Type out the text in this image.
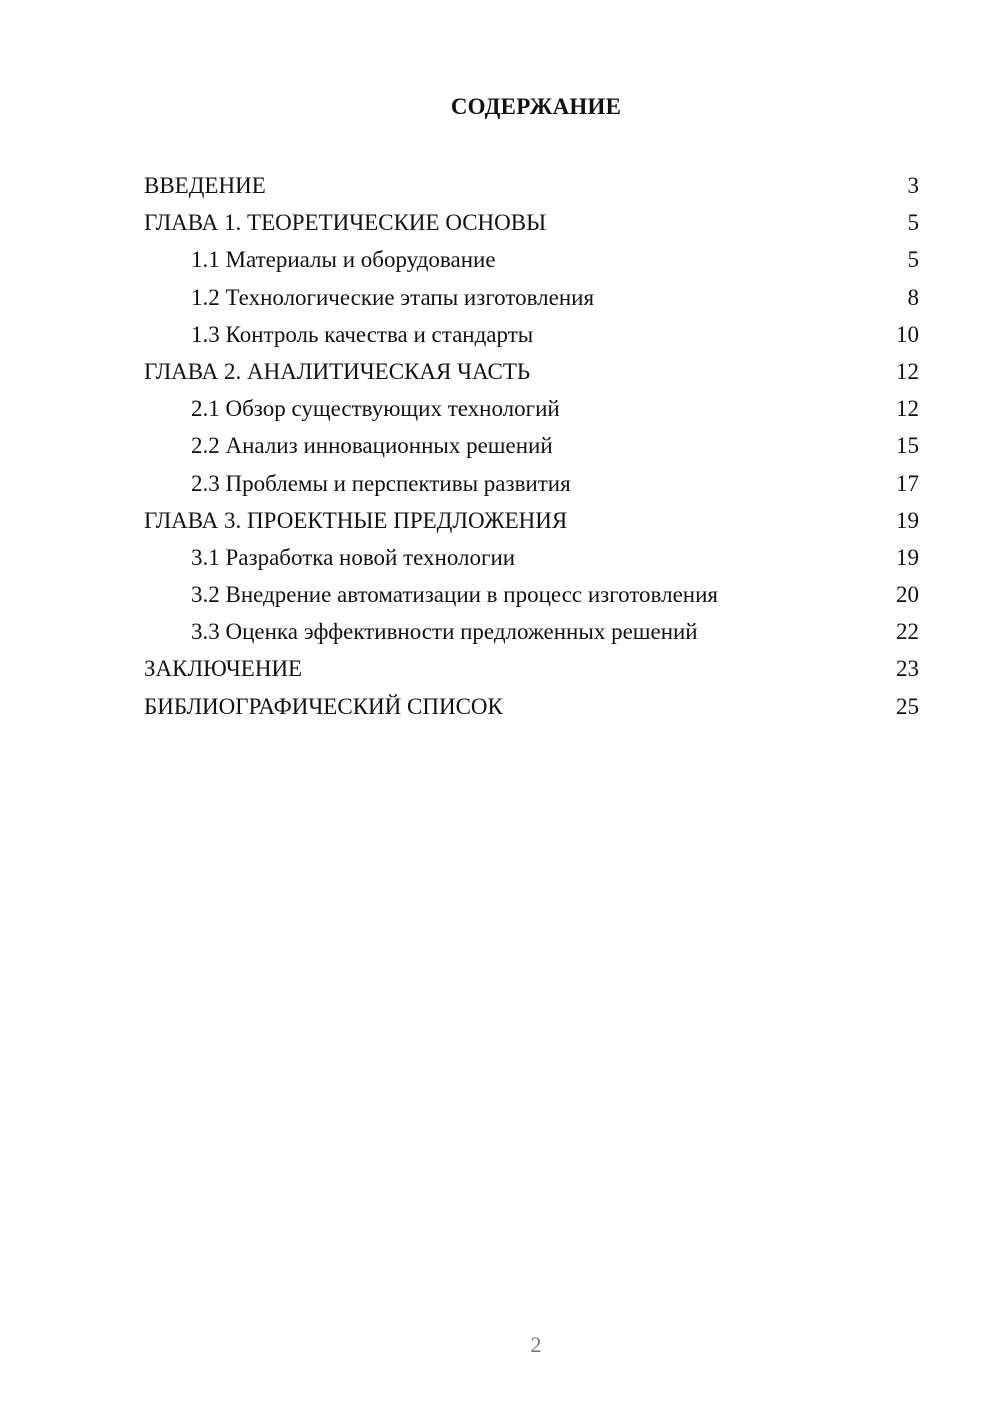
СОДЕРЖАНИЕ
ВВЕДЕНИЕ	3
ГЛАВА 1. ТЕОРЕТИЧЕСКИЕ ОСНОВЫ	5
1.1 Материалы и оборудование	5
1.2 Технологические этапы изготовления	8
1.3 Контроль качества и стандарты	10
ГЛАВА 2. АНАЛИТИЧЕСКАЯ ЧАСТЬ	12
2.1 Обзор существующих технологий	12
2.2 Анализ инновационных решений	15
2.3 Проблемы и перспективы развития	17
ГЛАВА 3. ПРОЕКТНЫЕ ПРЕДЛОЖЕНИЯ	19
3.1 Разработка новой технологии	19
3.2 Внедрение автоматизации в процесс изготовления	20
3.3 Оценка эффективности предложенных решений	22
ЗАКЛЮЧЕНИЕ	23
БИБЛИОГРАФИЧЕСКИЙ СПИСОК	25
2
